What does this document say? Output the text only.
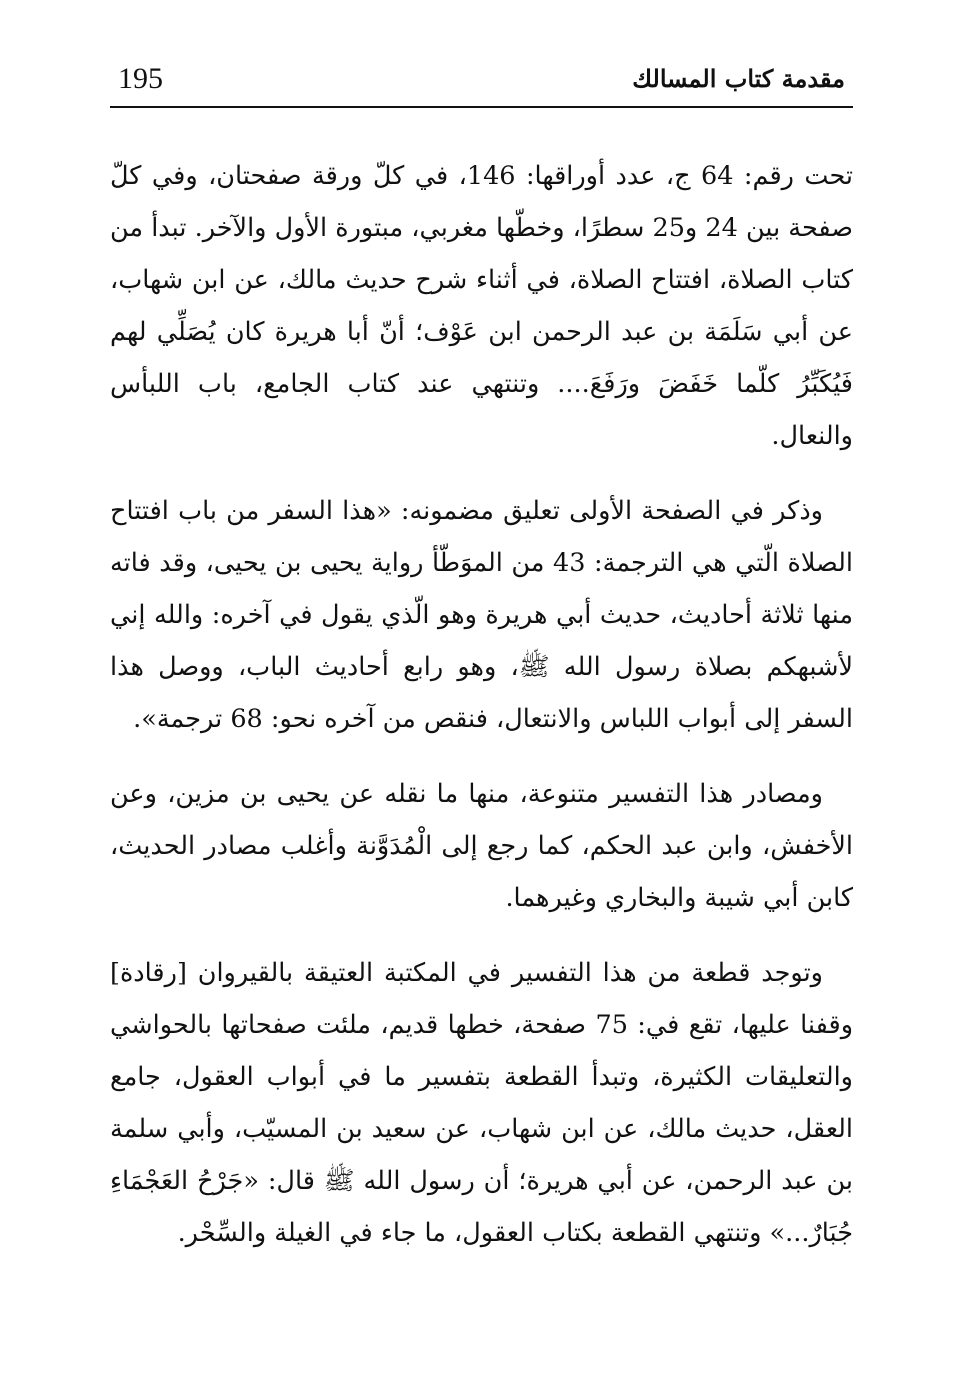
مقدمة كتاب المسالك
195

تحت رقم: 64 ج، عدد أوراقها: 146، في كلّ ورقة صفحتان، وفي كلّ صفحة بين 24 و25 سطرًا، وخطّها مغربي، مبتورة الأول والآخر. تبدأ من كتاب الصلاة، افتتاح الصلاة، في أثناء شرح حديث مالك، عن ابن شهاب، عن أبي سَلَمَة بن عبد الرحمن ابن عَوْف؛ أنّ أبا هريرة كان يُصَلِّي لهم فَيُكَبِّرُ كلّما خَفَضَ ورَفَعَ.... وتنتهي عند كتاب الجامع، باب اللبأس والنعال.

وذكر في الصفحة الأولى تعليق مضمونه: «هذا السفر من باب افتتاح الصلاة الّتي هي الترجمة: 43 من الموَطّأ رواية يحيى بن يحيى، وقد فاته منها ثلاثة أحاديث، حديث أبي هريرة وهو الّذي يقول في آخره: والله إني لأشبهكم بصلاة رسول الله ﷺ، وهو رابع أحاديث الباب، ووصل هذا السفر إلى أبواب اللباس والانتعال، فنقص من آخره نحو: 68 ترجمة».

ومصادر هذا التفسير متنوعة، منها ما نقله عن يحيى بن مزين، وعن الأخفش، وابن عبد الحكم، كما رجع إلى الْمُدَوَّنة وأغلب مصادر الحديث، كابن أبي شيبة والبخاري وغيرهما.

وتوجد قطعة من هذا التفسير في المكتبة العتيقة بالقيروان [رقادة] وقفنا عليها، تقع في: 75 صفحة، خطها قديم، ملئت صفحاتها بالحواشي والتعليقات الكثيرة، وتبدأ القطعة بتفسير ما في أبواب العقول، جامع العقل، حديث مالك، عن ابن شهاب، عن سعيد بن المسيّب، وأبي سلمة بن عبد الرحمن، عن أبي هريرة؛ أن رسول الله ﷺ قال: «جَرْحُ العَجْمَاءِ جُبَارٌ...» وتنتهي القطعة بكتاب العقول، ما جاء في الغيلة والسِّحْر.
